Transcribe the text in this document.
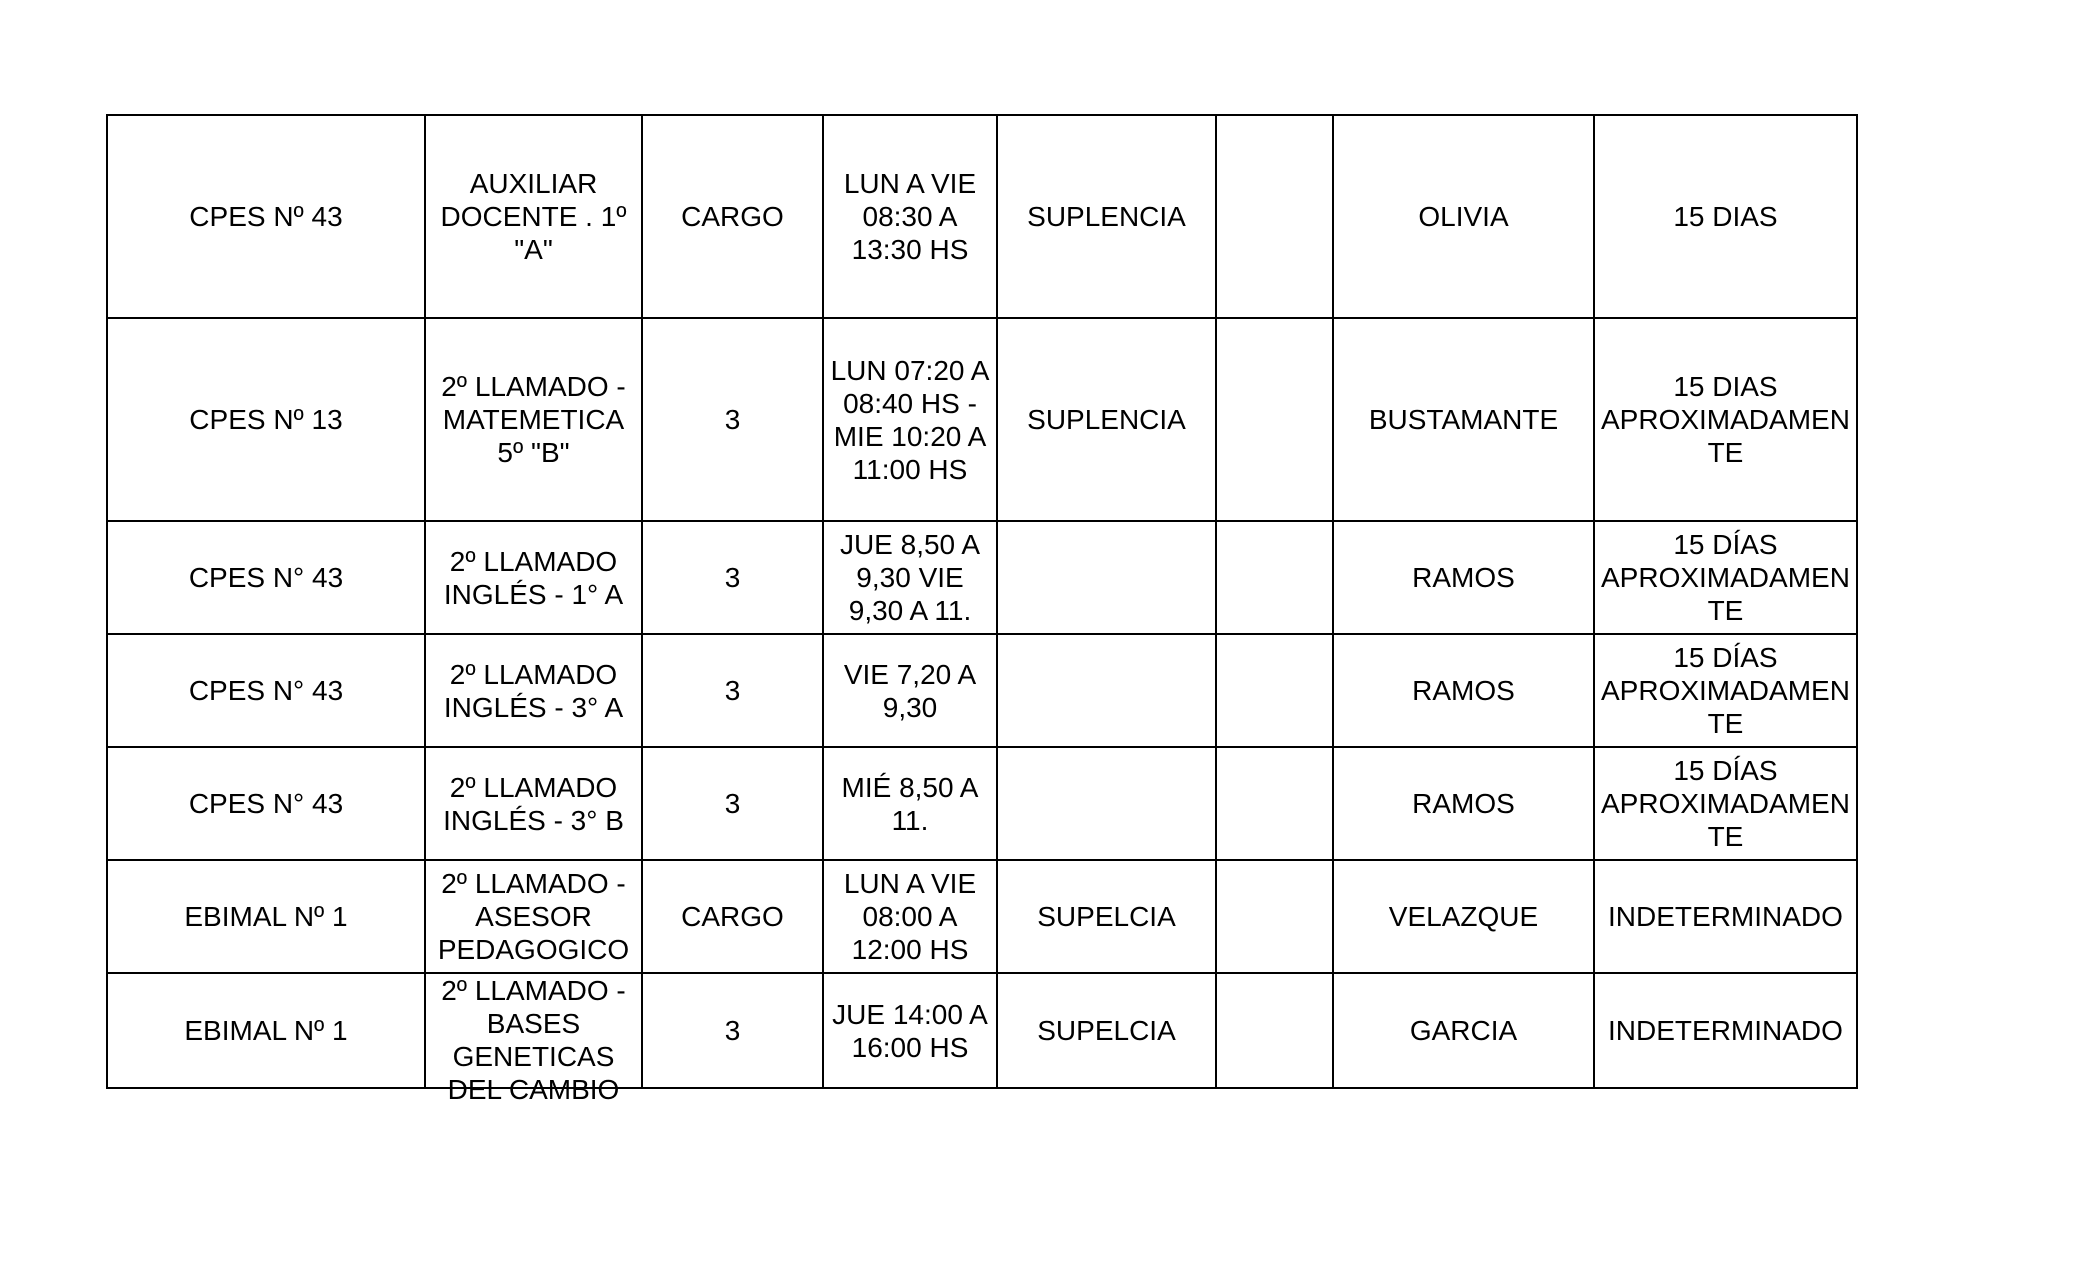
CPES Nº 43	AUXILIAR
DOCENTE . 1º
"A"	CARGO	LUN A VIE
08:30 A
13:30 HS	SUPLENCIA		OLIVIA	15 DIAS

CPES Nº 13	2º LLAMADO -
MATEMETICA
5º "B"	3	LUN 07:20 A
08:40 HS -
MIE 10:20 A
11:00 HS	SUPLENCIA		BUSTAMANTE	15 DIAS
APROXIMADAMEN
TE

CPES N° 43	2º LLAMADO
INGLÉS - 1° A	3	JUE 8,50 A
9,30 VIE
9,30 A 11.			RAMOS	15 DÍAS
APROXIMADAMEN
TE

CPES N° 43	2º LLAMADO
INGLÉS - 3° A	3	VIE 7,20 A
9,30			RAMOS	15 DÍAS
APROXIMADAMEN
TE

CPES N° 43	2º LLAMADO
INGLÉS - 3° B	3	MIÉ 8,50 A
11.			RAMOS	15 DÍAS
APROXIMADAMEN
TE

EBIMAL Nº 1	2º LLAMADO -
ASESOR
PEDAGOGICO	CARGO	LUN A VIE
08:00 A
12:00 HS	SUPELCIA		VELAZQUE	INDETERMINADO

EBIMAL Nº 1	2º LLAMADO -
BASES
GENETICAS
DEL CAMBIO	3	JUE 14:00 A
16:00 HS	SUPELCIA		GARCIA	INDETERMINADO
